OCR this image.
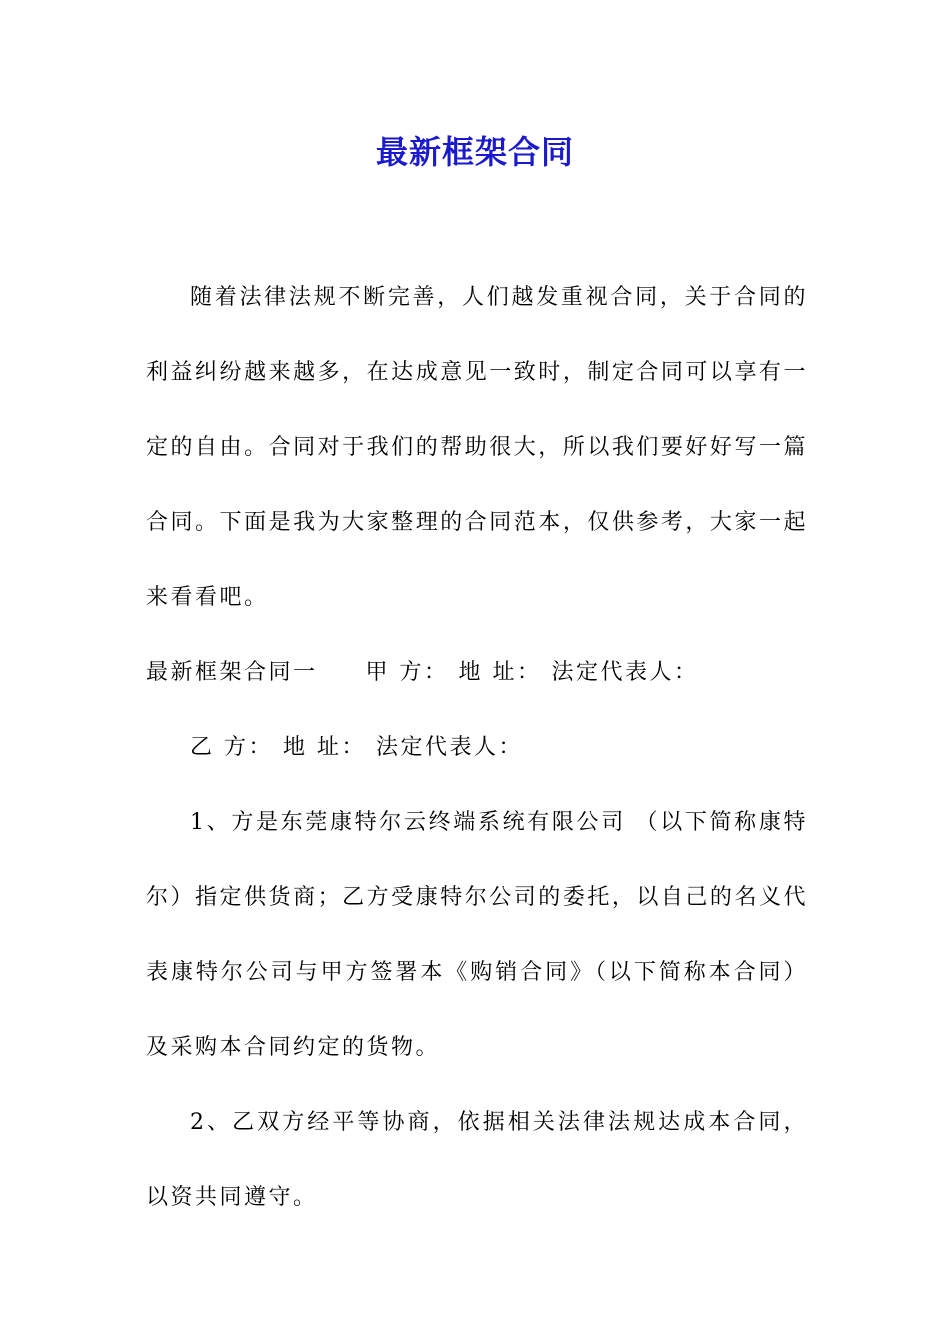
最新框架合同

随着法律法规不断完善，人们越发重视合同，关于合同的利益纠纷越来越多，在达成意见一致时，制定合同可以享有一定的自由。合同对于我们的帮助很大，所以我们要好好写一篇合同。下面是我为大家整理的合同范本，仅供参考，大家一起来看看吧。

最新框架合同一 甲 方： 地 址： 法定代表人：

乙 方： 地 址： 法定代表人：

1、方是东莞康特尔云终端系统有限公司 （以下简称康特尔）指定供货商；乙方受康特尔公司的委托，以自己的名义代表康特尔公司与甲方签署本《购销合同》（以下简称本合同）及采购本合同约定的货物。

2、乙双方经平等协商，依据相关法律法规达成本合同，以资共同遵守。
